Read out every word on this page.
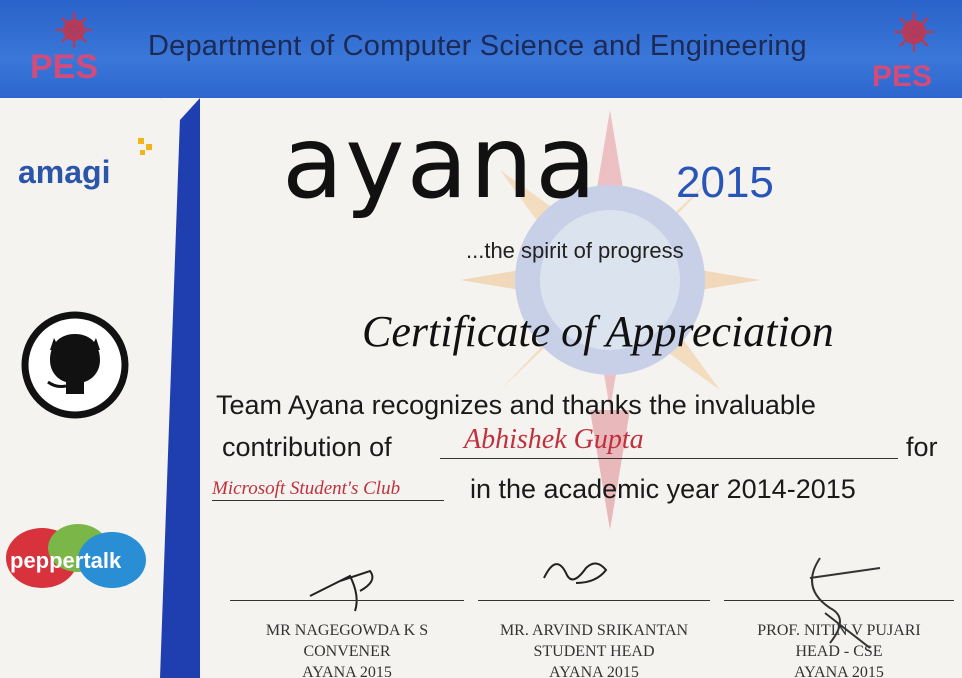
PES
Department of Computer Science and Engineering
PES
amagi
peppertalk
ayana 2015
...the spirit of progress
Certificate of Appreciation
Team Ayana recognizes and thanks the invaluable
contribution of	Abhishek Gupta	for
Microsoft Student's Club	in the academic year 2014-2015
MR NAGEGOWDA K S
CONVENER
AYANA 2015
MR. ARVIND SRIKANTAN
STUDENT HEAD
AYANA 2015
PROF. NITIN V PUJARI
HEAD - CSE
AYANA 2015
